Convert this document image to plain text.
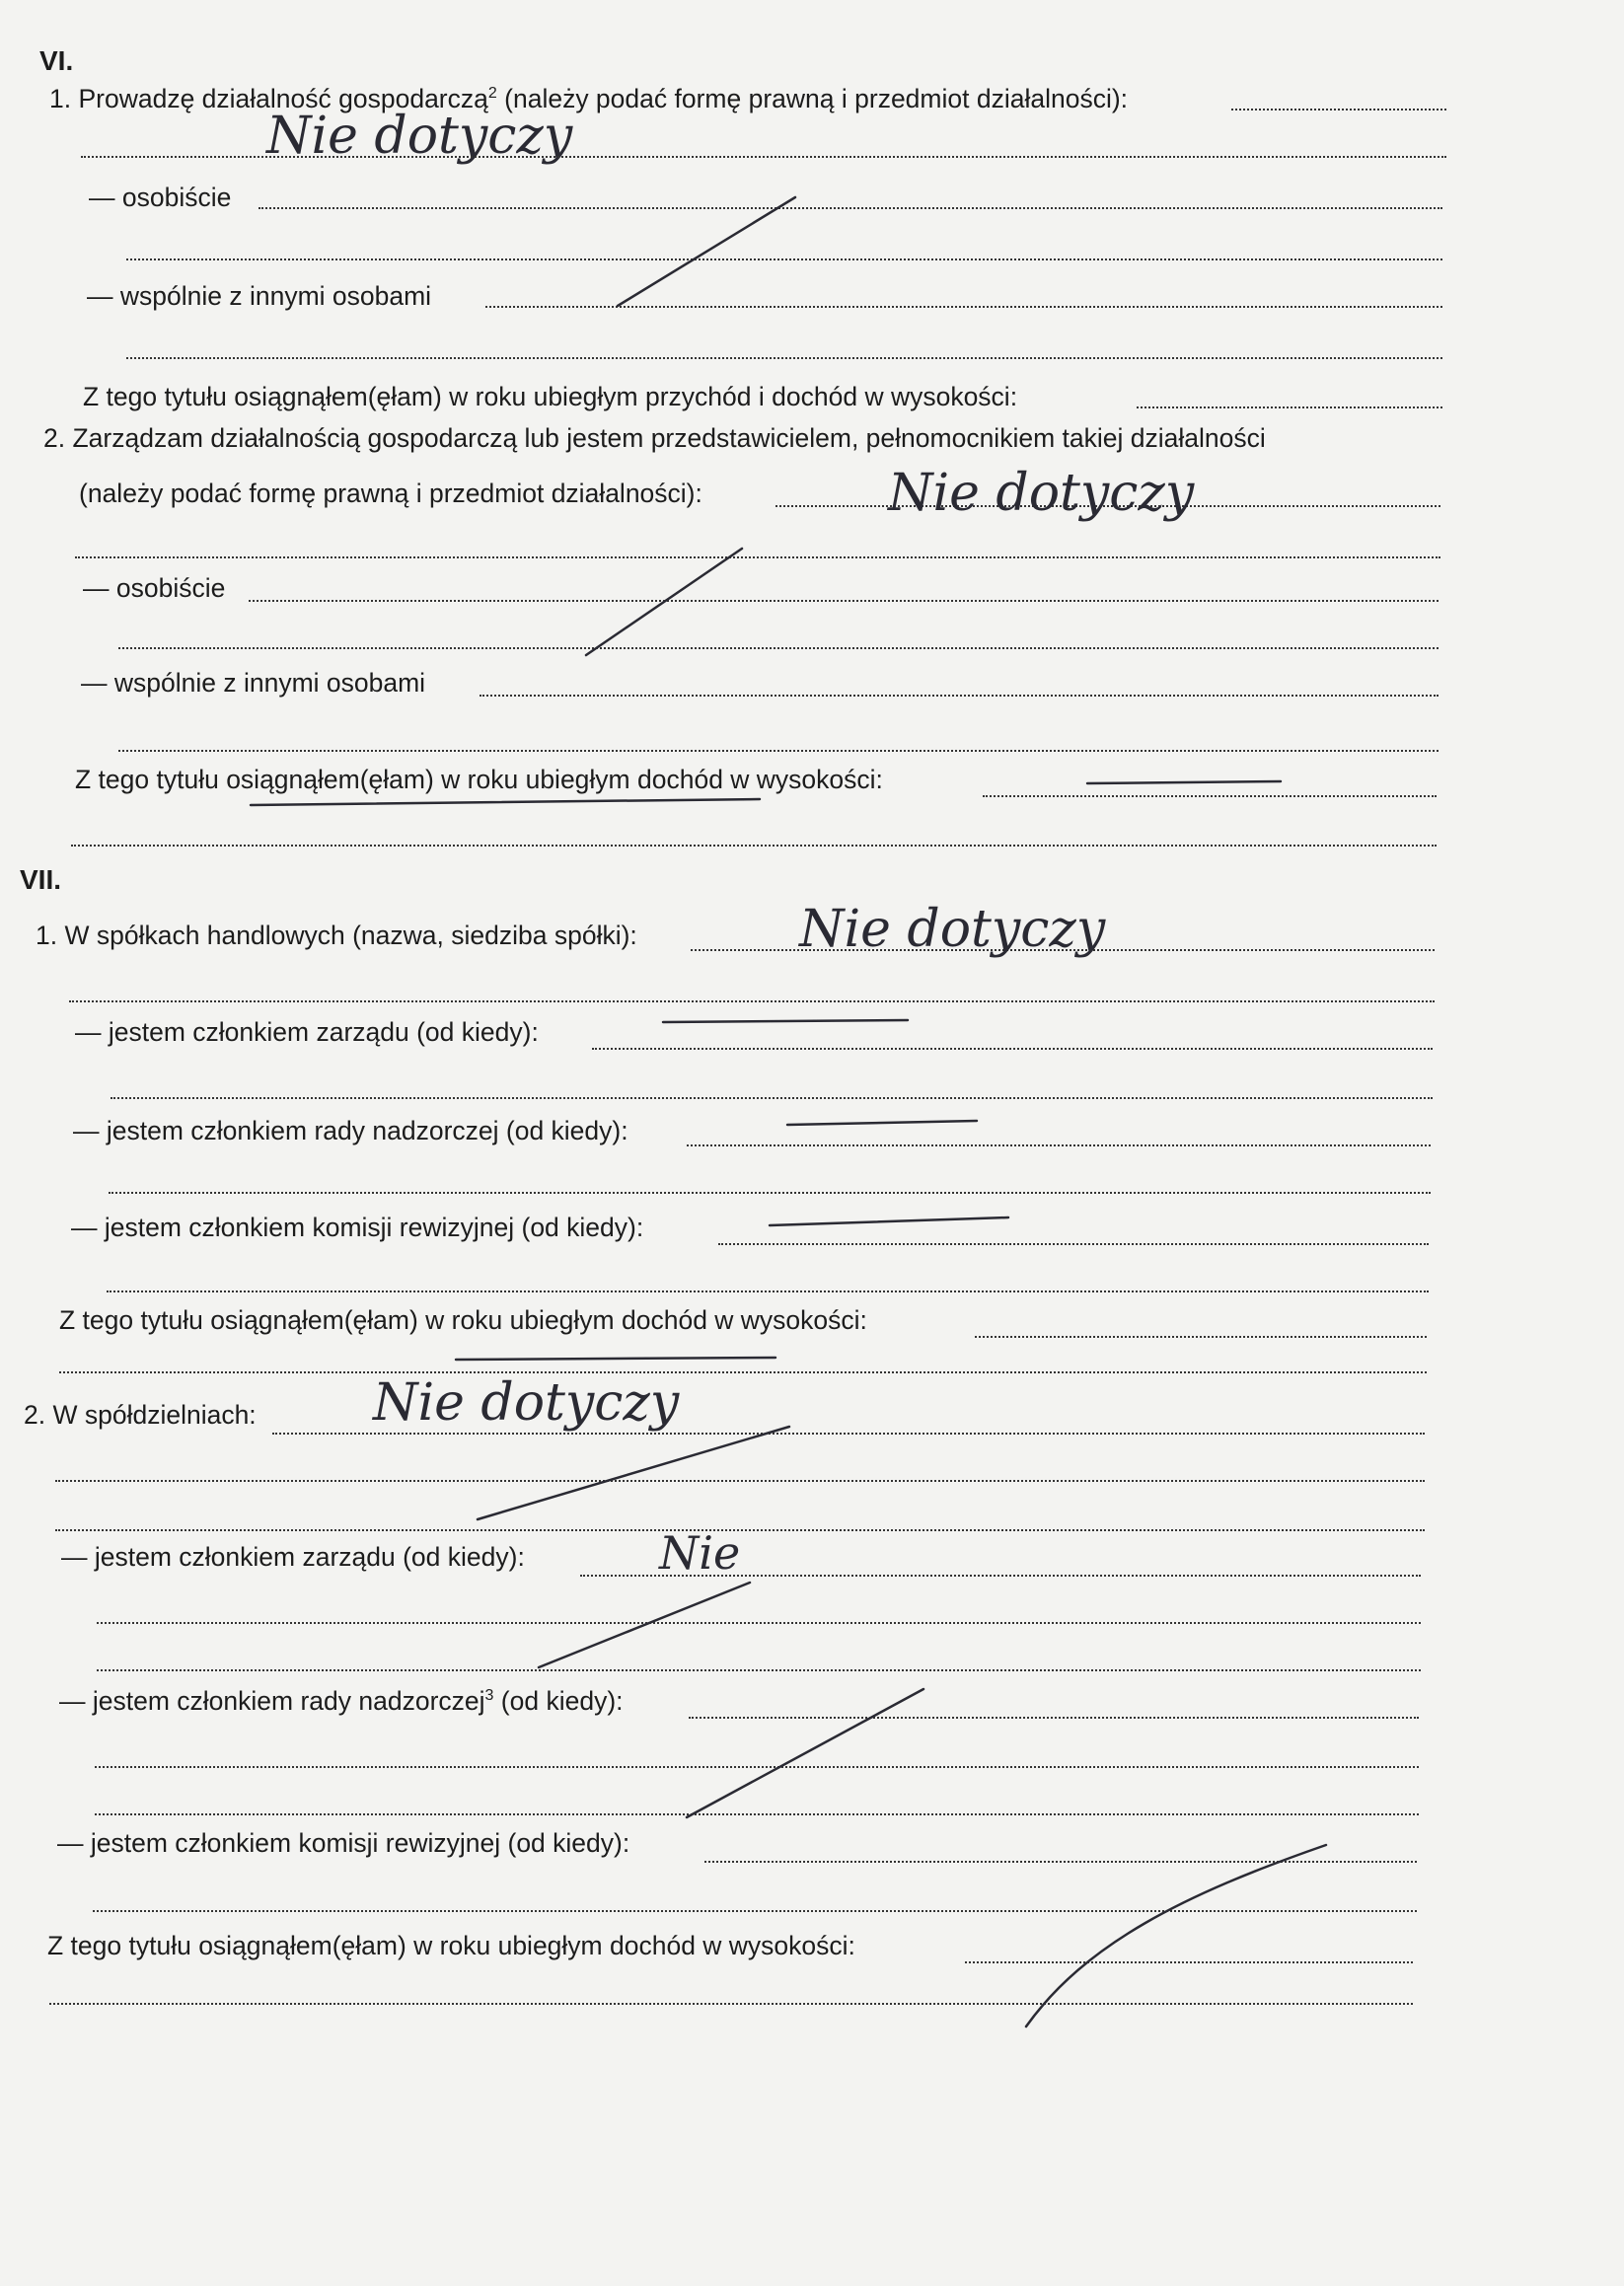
VI.
1. Prowadzę działalność gospodarczą$^2$ (należy podać formę prawną i przedmiot działalności):
Nie dotyczy
— osobiście
— wspólnie z innymi osobami
Z tego tytułu osiągnąłem(ęłam) w roku ubiegłym przychód i dochód w wysokości:
2. Zarządzam działalnością gospodarczą lub jestem przedstawicielem, pełnomocnikiem takiej działalności
(należy podać formę prawną i przedmiot działalności):	Nie dotyczy
— osobiście
— wspólnie z innymi osobami
Z tego tytułu osiągnąłem(ęłam) w roku ubiegłym dochód w wysokości:
VII.
1. W spółkach handlowych (nazwa, siedziba spółki):	Nie dotyczy
— jestem członkiem zarządu (od kiedy):
— jestem członkiem rady nadzorczej (od kiedy):
— jestem członkiem komisji rewizyjnej (od kiedy):
Z tego tytułu osiągnąłem(ęłam) w roku ubiegłym dochód w wysokości:
2. W spółdzielniach: Nie dotyczy
— jestem członkiem zarządu (od kiedy):	Nie
— jestem członkiem rady nadzorczej$^3$ (od kiedy):
— jestem członkiem komisji rewizyjnej (od kiedy):
Z tego tytułu osiągnąłem(ęłam) w roku ubiegłym dochód w wysokości:
